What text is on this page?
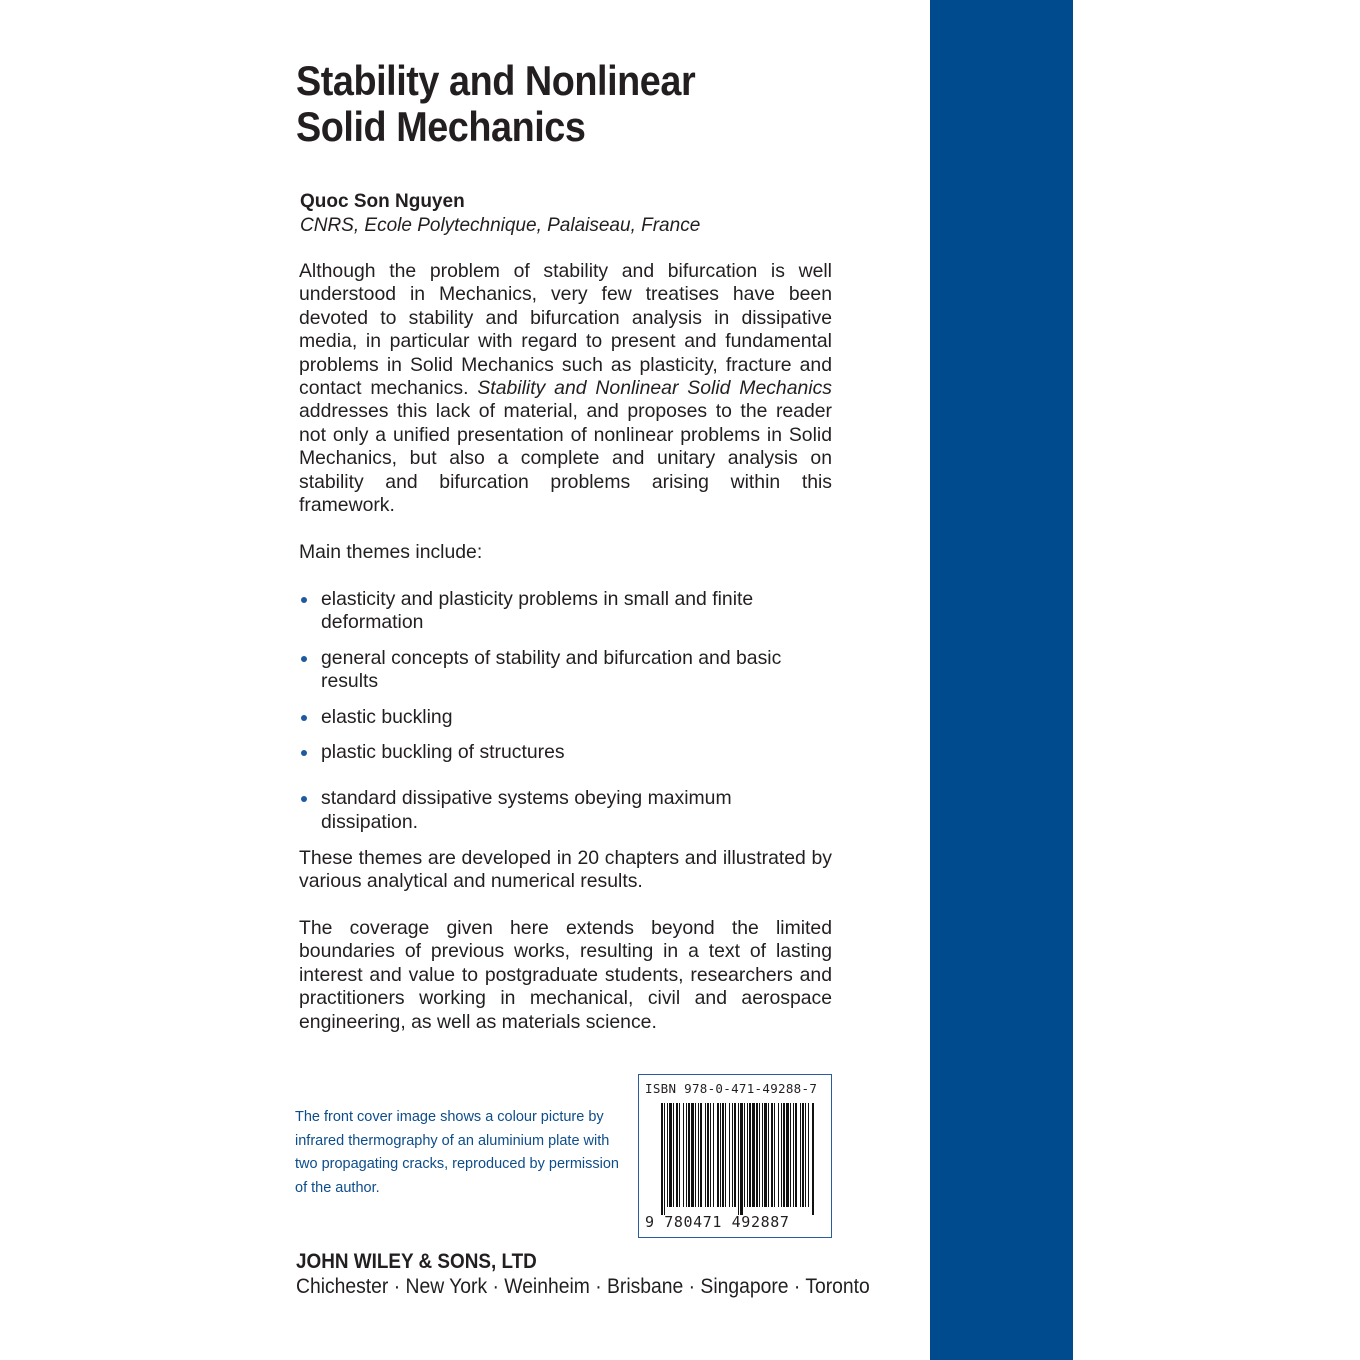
Stability and Nonlinear
Solid Mechanics
Quoc Son Nguyen
CNRS, Ecole Polytechnique, Palaiseau, France
Although the problem of stability and bifurcation is well understood in Mechanics, very few treatises have been devoted to stability and bifurcation analysis in dissipative media, in particular with regard to present and fundamental problems in Solid Mechanics such as plasticity, fracture and contact mechanics. Stability and Nonlinear Solid Mechanics addresses this lack of material, and proposes to the reader not only a unified presentation of nonlinear problems in Solid Mechanics, but also a complete and unitary analysis on stability and bifurcation problems arising within this framework.
Main themes include:
elasticity and plasticity problems in small and finite deformation
general concepts of stability and bifurcation and basic results
elastic buckling
plastic buckling of structures
standard dissipative systems obeying maximum dissipation.
These themes are developed in 20 chapters and illustrated by various analytical and numerical results.
The coverage given here extends beyond the limited boundaries of previous works, resulting in a text of lasting interest and value to postgraduate students, researchers and practitioners working in mechanical, civil and aerospace engineering, as well as materials science.
The front cover image shows a colour picture by infrared thermography of an aluminium plate with two propagating cracks, reproduced by permission of the author.
ISBN 978-0-471-49288-7
9 780471 492887
JOHN WILEY & SONS, LTD
Chichester · New York · Weinheim · Brisbane · Singapore · Toronto
